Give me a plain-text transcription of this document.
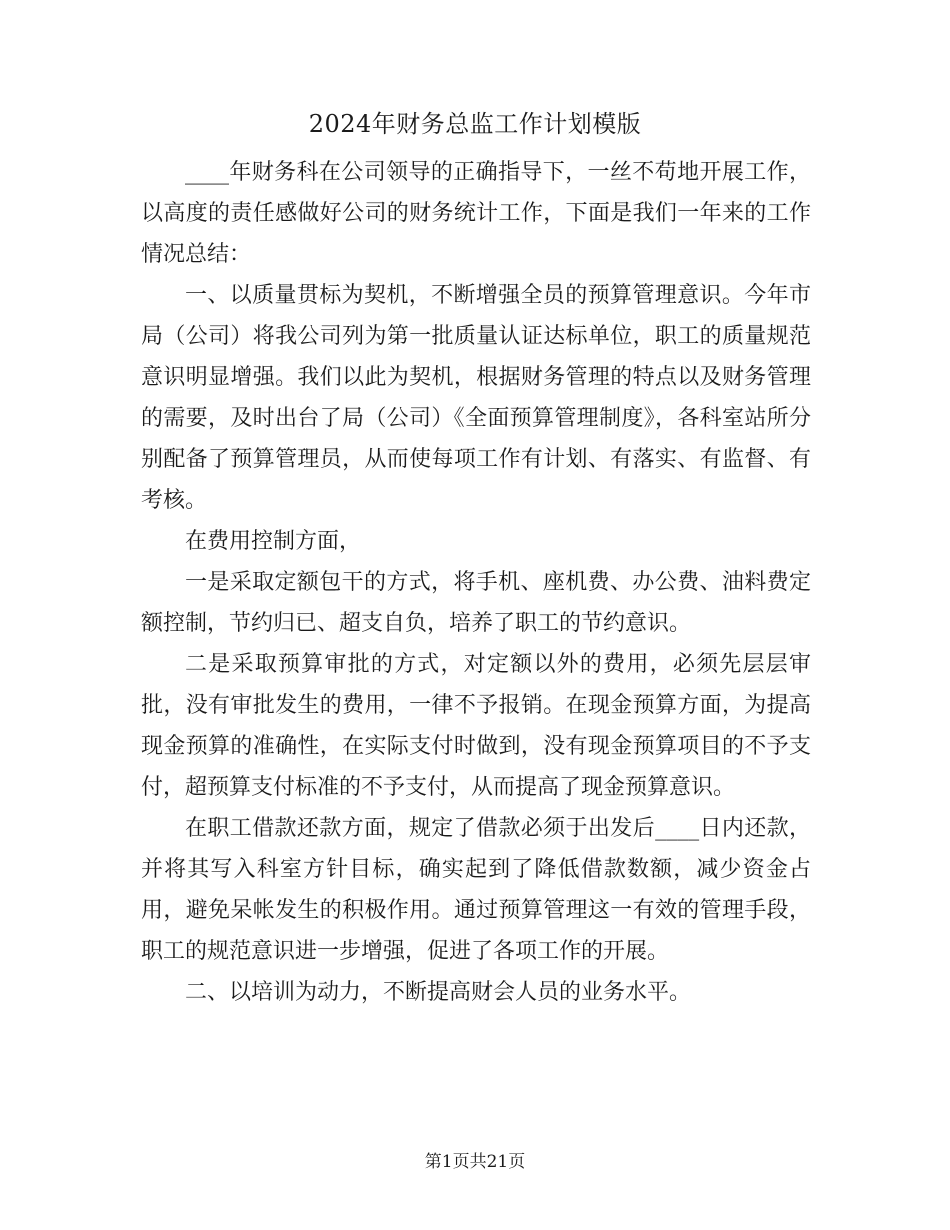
2024年财务总监工作计划模版

____年财务科在公司领导的正确指导下，一丝不苟地开展工作，以高度的责任感做好公司的财务统计工作，下面是我们一年来的工作情况总结：

一、以质量贯标为契机，不断增强全员的预算管理意识。今年市局（公司）将我公司列为第一批质量认证达标单位，职工的质量规范意识明显增强。我们以此为契机，根据财务管理的特点以及财务管理的需要，及时出台了局（公司）《全面预算管理制度》，各科室站所分别配备了预算管理员，从而使每项工作有计划、有落实、有监督、有考核。

在费用控制方面，

一是采取定额包干的方式，将手机、座机费、办公费、油料费定额控制，节约归已、超支自负，培养了职工的节约意识。

二是采取预算审批的方式，对定额以外的费用，必须先层层审批，没有审批发生的费用，一律不予报销。在现金预算方面，为提高现金预算的准确性，在实际支付时做到，没有现金预算项目的不予支付，超预算支付标准的不予支付，从而提高了现金预算意识。

在职工借款还款方面，规定了借款必须于出发后____日内还款，并将其写入科室方针目标，确实起到了降低借款数额，减少资金占用，避免呆帐发生的积极作用。通过预算管理这一有效的管理手段，职工的规范意识进一步增强，促进了各项工作的开展。

二、以培训为动力，不断提高财会人员的业务水平。

第1页共21页
